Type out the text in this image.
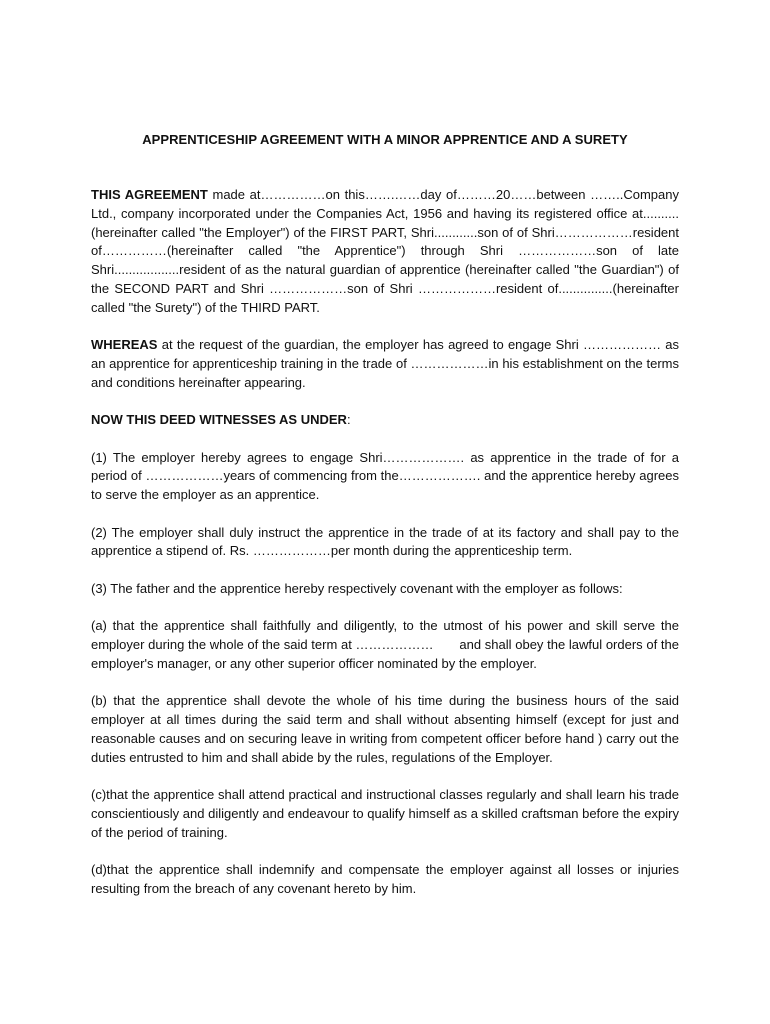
APPRENTICESHIP AGREEMENT WITH A MINOR APPRENTICE AND A SURETY

THIS AGREEMENT made at……………on this…….……day of………20……between ……..Company Ltd., company incorporated under the Companies Act, 1956 and having its registered office at..........(hereinafter called "the Employer") of the FIRST PART, Shri............son of of Shri………………resident of……………(hereinafter called "the Apprentice") through Shri ………………son of late Shri..................resident of as the natural guardian of apprentice (hereinafter called "the Guardian") of the SECOND PART and Shri ………………son of Shri ………………resident of...............(hereinafter called "the Surety") of the THIRD PART.

WHEREAS at the request of the guardian, the employer has agreed to engage Shri ……………… as an apprentice for apprenticeship training in the trade of ………………in his establishment on the terms and conditions hereinafter appearing.

NOW THIS DEED WITNESSES AS UNDER:

(1) The employer hereby agrees to engage Shri………………. as apprentice in the trade of for a period of ………………years of commencing from the………………. and the apprentice hereby agrees to serve the employer as an apprentice.

(2) The employer shall duly instruct the apprentice in the trade of at its factory and shall pay to the apprentice a stipend of. Rs. ………………per month during the apprenticeship term.

(3) The father and the apprentice hereby respectively covenant with the employer as follows:

(a) that the apprentice shall faithfully and diligently, to the utmost of his power and skill serve the employer during the whole of the said term at ………………       and shall obey the lawful orders of the employer's manager, or any other superior officer nominated by the employer.

(b) that the apprentice shall devote the whole of his time during the business hours of the said employer at all times during the said term and shall without absenting himself (except for just and reasonable causes and on securing leave in writing from competent officer before hand ) carry out the duties entrusted to him and shall abide by the rules, regulations of the Employer.

(c)that the apprentice shall attend practical and instructional classes regularly and shall learn his trade conscientiously and diligently and endeavour to qualify himself as a skilled craftsman before the expiry of the period of training.

(d)that the apprentice shall indemnify and compensate the employer against all losses or injuries resulting from the breach of any covenant hereto by him.
